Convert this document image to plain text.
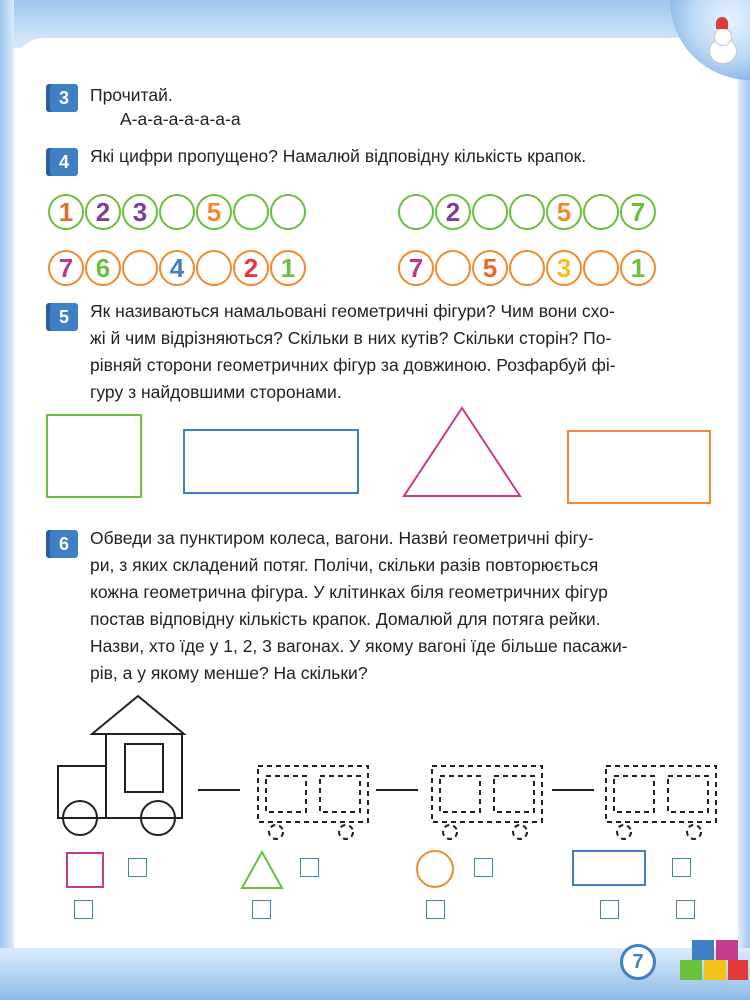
3	Прочитай.
А-а-а-а-а-а-а-а
4	Які цифри пропущено? Намалюй відповідну кількість крапок.
1 2 3	5	2	5	7
7 6	4	2 1	7	5	3	1
5	Як називаються намальовані геометричні фігури? Чим вони схо-
жі й чим відрізняються? Скільки в них кутів? Скільки сторін? По-
рівняй сторони геометричних фігур за довжиною. Розфарбуй фі-
гуру з найдовшими сторонами.
6	Обведи за пунктиром колеса, вагони. Назви́ геометричні фігу-
ри, з яких складений потяг. Полічи, скільки разів повторюється
кожна геометрична фігура. У клітинках біля геометричних фігур
постав відповідну кількість крапок. Домалюй для потяга рейки.
Назви, хто їде у 1, 2, 3 вагонах. У якому вагоні їде більше пасажи-
рів, а у якому менше? На скільки?
7
